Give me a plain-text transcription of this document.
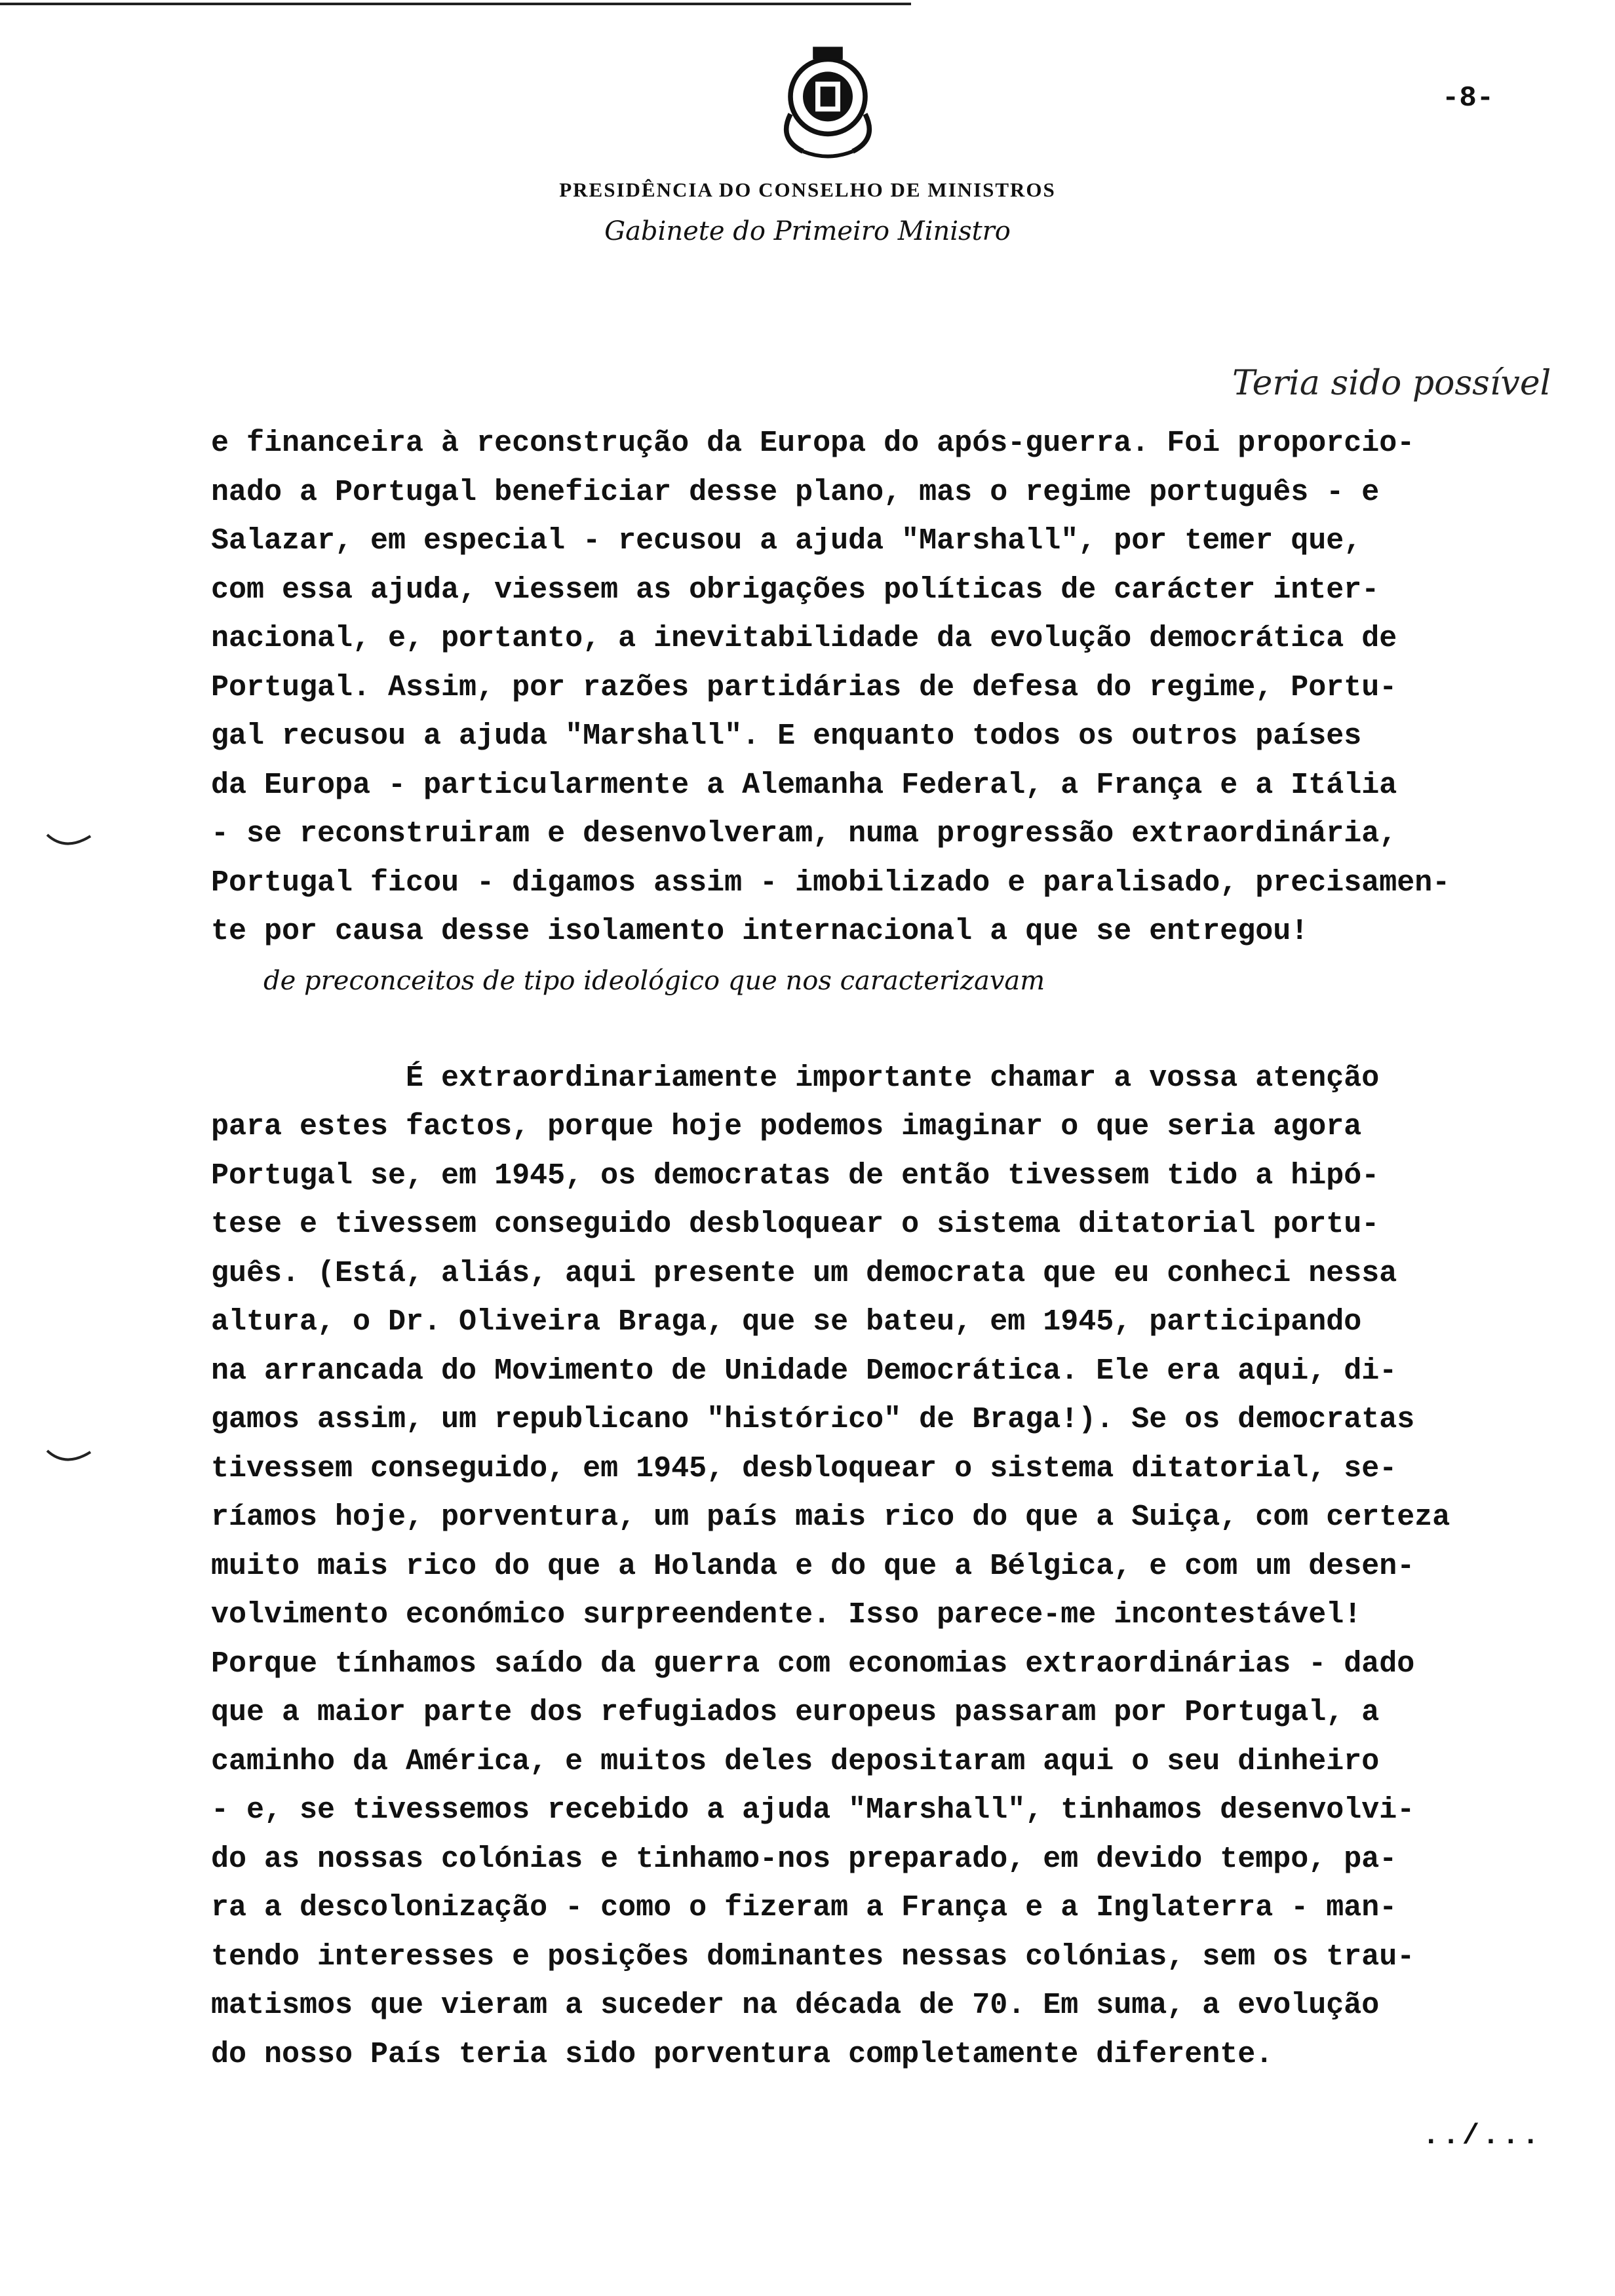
-8-
PRESIDÊNCIA DO CONSELHO DE MINISTROS
Gabinete do Primeiro Ministro
Teria sido possível
e financeira à reconstrução da Europa do após-guerra. Foi proporcio-
nado a Portugal beneficiar desse plano, mas o regime português - e
Salazar, em especial - recusou a ajuda "Marshall", por temer que,
com essa ajuda, viessem as obrigações políticas de carácter inter-
nacional, e, portanto, a inevitabilidade da evolução democrática de
Portugal. Assim, por razões partidárias de defesa do regime, Portu-
gal recusou a ajuda "Marshall". E enquanto todos os outros países
da Europa - particularmente a Alemanha Federal, a França e a Itália
- se reconstruiram e desenvolveram, numa progressão extraordinária,
Portugal ficou - digamos assim - imobilizado e paralisado, precisamen-
te por causa desse isolamento internacional a que se entregou!
de preconceitos de tipo ideológico que nos caracterizavam
É extraordinariamente importante chamar a vossa atenção
para estes factos, porque hoje podemos imaginar o que seria agora
Portugal se, em 1945, os democratas de então tivessem tido a hipó-
tese e tivessem conseguido desbloquear o sistema ditatorial portu-
guês. (Está, aliás, aqui presente um democrata que eu conheci nessa
altura, o Dr. Oliveira Braga, que se bateu, em 1945, participando
na arrancada do Movimento de Unidade Democrática. Ele era aqui, di-
gamos assim, um republicano "histórico" de Braga!). Se os democratas
tivessem conseguido, em 1945, desbloquear o sistema ditatorial, se-
ríamos hoje, porventura, um país mais rico do que a Suiça, com certeza
muito mais rico do que a Holanda e do que a Bélgica, e com um desen-
volvimento económico surpreendente. Isso parece-me incontestável!
Porque tínhamos saído da guerra com economias extraordinárias - dado
que a maior parte dos refugiados europeus passaram por Portugal, a
caminho da América, e muitos deles depositaram aqui o seu dinheiro
- e, se tivessemos recebido a ajuda "Marshall", tinhamos desenvolvi-
do as nossas colónias e tinhamo-nos preparado, em devido tempo, pa-
ra a descolonização - como o fizeram a França e a Inglaterra - man-
tendo interesses e posições dominantes nessas colónias, sem os trau-
matismos que vieram a suceder na década de 70. Em suma, a evolução
do nosso País teria sido porventura completamente diferente.
../...
